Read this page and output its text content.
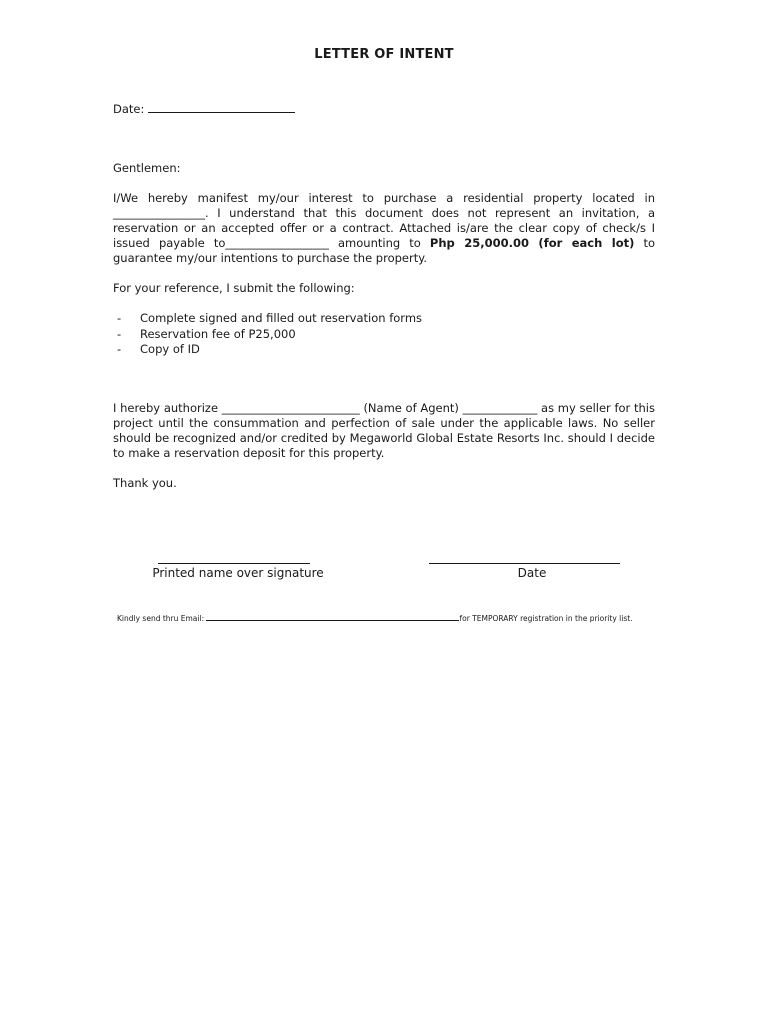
LETTER OF INTENT
Date:
Gentlemen:
I/We hereby manifest my/our interest to purchase a residential property located in ________________. I understand that this document does not represent an invitation, a reservation or an accepted offer or a contract. Attached is/are the clear copy of check/s I issued payable to__________________ amounting to Php 25,000.00 (for each lot) to guarantee my/our intentions to purchase the property.
For your reference, I submit the following:
- Complete signed and filled out reservation forms
- Reservation fee of P25,000
- Copy of ID
I hereby authorize ________________________ (Name of Agent) _____________ as my seller for this project until the consummation and perfection of sale under the applicable laws. No seller should be recognized and/or credited by Megaworld Global Estate Resorts Inc. should I decide to make a reservation deposit for this property.
Thank you.
Printed name over signature	Date
Kindly send thru Email:	for TEMPORARY registration in the priority list.
